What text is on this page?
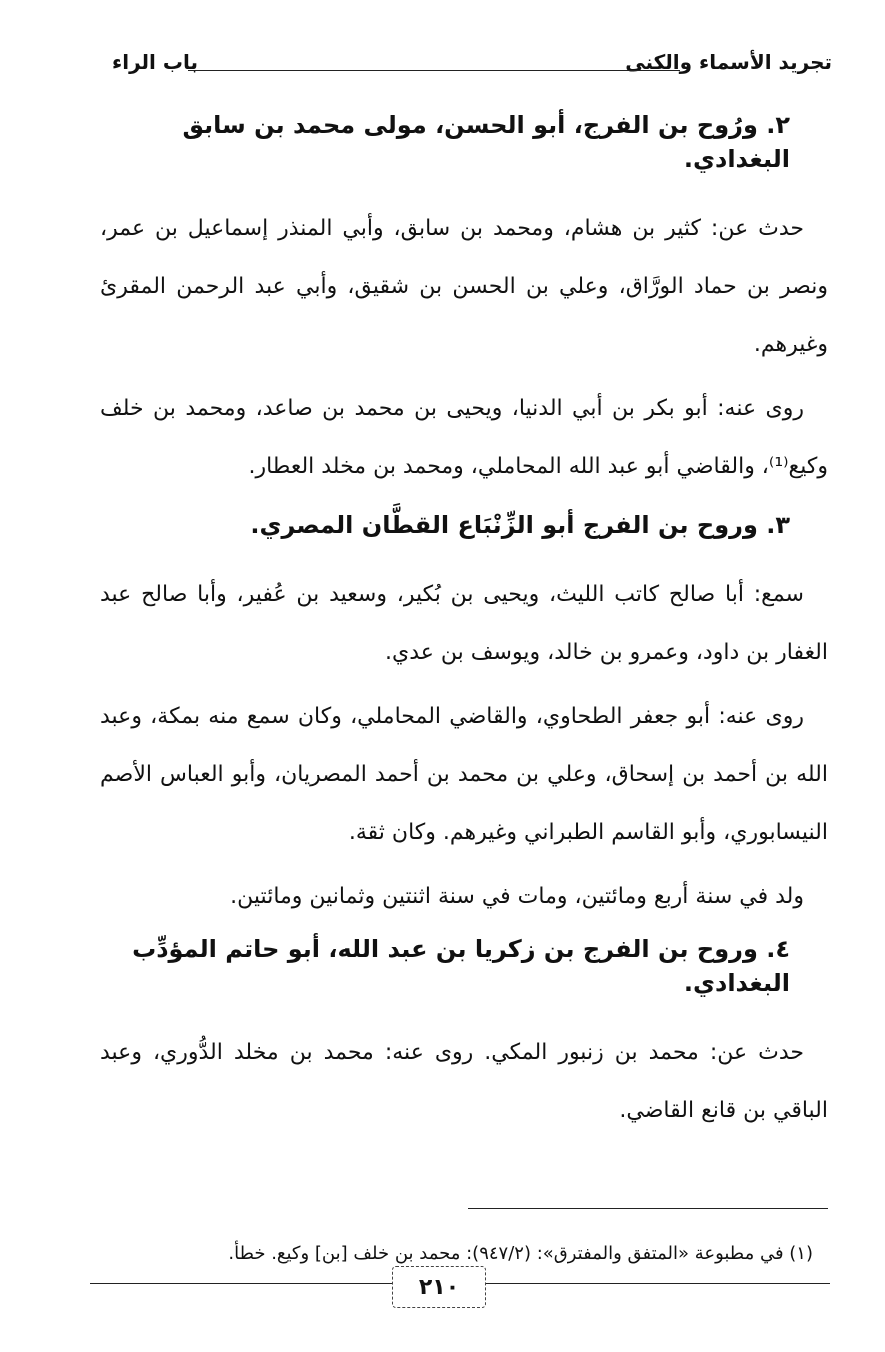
تجريد الأسماء والكنى
باب الراء

٢. ورُوح بن الفرج، أبو الحسن، مولى محمد بن سابق البغدادي.

حدث عن: كثير بن هشام، ومحمد بن سابق، وأبي المنذر إسماعيل بن عمر، ونصر بن حماد الورَّاق، وعلي بن الحسن بن شقيق، وأبي عبد الرحمن المقرئ وغيرهم.

روى عنه: أبو بكر بن أبي الدنيا، ويحيى بن محمد بن صاعد، ومحمد بن خلف وكيع⁽¹⁾، والقاضي أبو عبد الله المحاملي، ومحمد بن مخلد العطار.

٣. وروح بن الفرج أبو الزِّنْبَاع القطَّان المصري.

سمع: أبا صالح كاتب الليث، ويحيى بن بُكير، وسعيد بن عُفير، وأبا صالح عبد الغفار بن داود، وعمرو بن خالد، ويوسف بن عدي.

روى عنه: أبو جعفر الطحاوي، والقاضي المحاملي، وكان سمع منه بمكة، وعبد الله بن أحمد بن إسحاق، وعلي بن محمد بن أحمد المصريان، وأبو العباس الأصم النيسابوري، وأبو القاسم الطبراني وغيرهم. وكان ثقة.

ولد في سنة أربع ومائتين، ومات في سنة اثنتين وثمانين ومائتين.

٤. وروح بن الفرج بن زكريا بن عبد الله، أبو حاتم المؤدِّب البغدادي.

حدث عن: محمد بن زنبور المكي. روى عنه: محمد بن مخلد الدُّوري، وعبد الباقي بن قانع القاضي.

(١) في مطبوعة «المتفق والمفترق»: (٩٤٧/٢): محمد بن خلف [بن] وكيع. خطأ.

٢١٠
